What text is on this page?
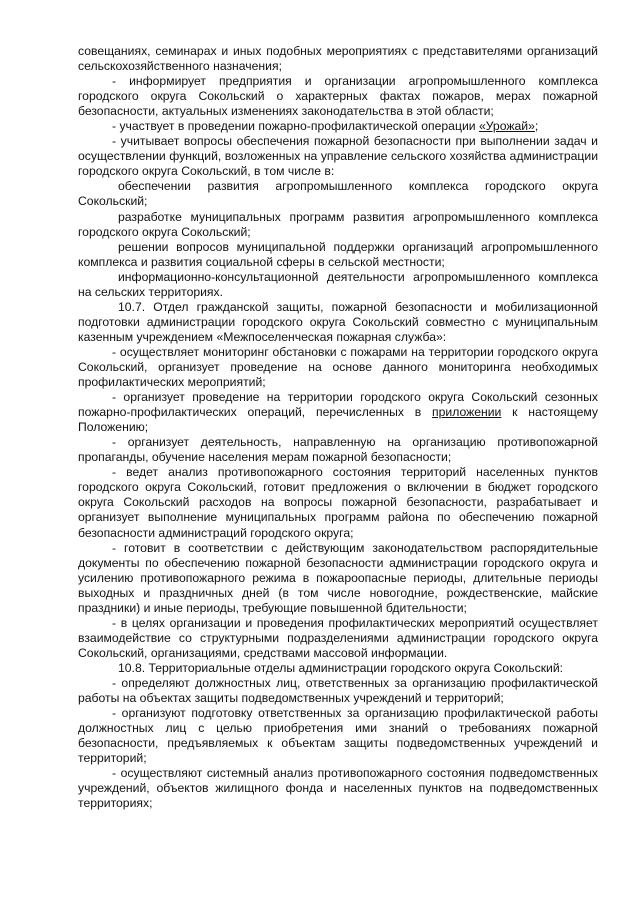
совещаниях, семинарах и иных подобных мероприятиях с представителями организаций сельскохозяйственного назначения;

- информирует предприятия и организации агропромышленного комплекса городского округа Сокольский о характерных фактах пожаров, мерах пожарной безопасности, актуальных изменениях законодательства в этой области;

- участвует в проведении пожарно-профилактической операции «Урожай»;

- учитывает вопросы обеспечения пожарной безопасности при выполнении задач и осуществлении функций, возложенных на управление сельского хозяйства администрации городского округа Сокольский, в том числе в:

обеспечении развития агропромышленного комплекса городского округа Сокольский;

разработке муниципальных программ развития агропромышленного комплекса городского округа Сокольский;

решении вопросов муниципальной поддержки организаций агропромышленного комплекса и развития социальной сферы в сельской местности;

информационно-консультационной деятельности агропромышленного комплекса на сельских территориях.

10.7. Отдел гражданской защиты, пожарной безопасности и мобилизационной подготовки администрации городского округа Сокольский совместно с муниципальным казенным учреждением «Межпоселенческая пожарная служба»:

- осуществляет мониторинг обстановки с пожарами на территории городского округа Сокольский, организует проведение на основе данного мониторинга необходимых профилактических мероприятий;

- организует проведение на территории городского округа Сокольский сезонных пожарно-профилактических операций, перечисленных в приложении к настоящему Положению;

- организует деятельность, направленную на организацию противопожарной пропаганды, обучение населения мерам пожарной безопасности;

- ведет анализ противопожарного состояния территорий населенных пунктов городского округа Сокольский, готовит предложения о включении в бюджет городского округа Сокольский расходов на вопросы пожарной безопасности, разрабатывает и организует выполнение муниципальных программ района по обеспечению пожарной безопасности администраций городского округа;

- готовит в соответствии с действующим законодательством распорядительные документы по обеспечению пожарной безопасности администрации городского округа и усилению противопожарного режима в пожароопасные периоды, длительные периоды выходных и праздничных дней (в том числе новогодние, рождественские, майские праздники) и иные периоды, требующие повышенной бдительности;

- в целях организации и проведения профилактических мероприятий осуществляет взаимодействие со структурными подразделениями администрации городского округа Сокольский, организациями, средствами массовой информации.

10.8. Территориальные отделы администрации городского округа Сокольский:

- определяют должностных лиц, ответственных за организацию профилактической работы на объектах защиты подведомственных учреждений и территорий;

- организуют подготовку ответственных за организацию профилактической работы должностных лиц с целью приобретения ими знаний о требованиях пожарной безопасности, предъявляемых к объектам защиты подведомственных учреждений и территорий;

- осуществляют системный анализ противопожарного состояния подведомственных учреждений, объектов жилищного фонда и населенных пунктов на подведомственных территориях;
